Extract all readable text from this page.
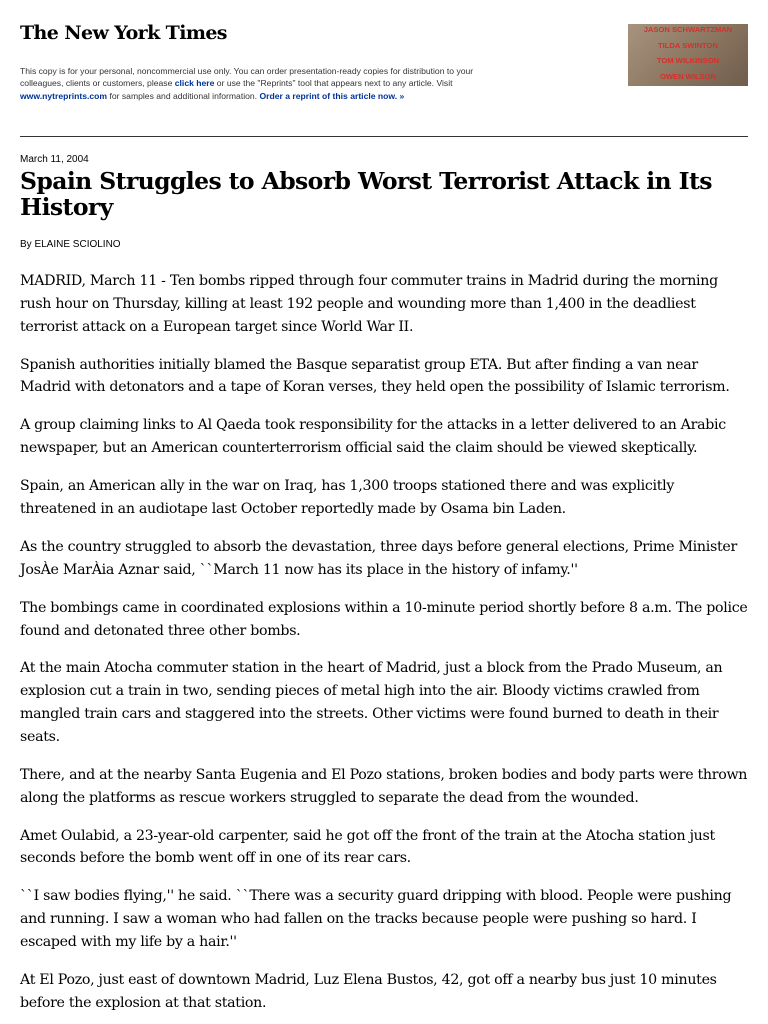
The New York Times
This copy is for your personal, noncommercial use only. You can order presentation-ready copies for distribution to your colleagues, clients or customers, please click here or use the "Reprints" tool that appears next to any article. Visit www.nytreprints.com for samples and additional information. Order a reprint of this article now. »
JASON SCHWARTZMAN

TILDA SWINTON

TOM WILKINSON

OWEN WILSON
March 11, 2004
Spain Struggles to Absorb Worst Terrorist Attack in Its History
By ELAINE SCIOLINO

MADRID, March 11 - Ten bombs ripped through four commuter trains in Madrid during the morning rush hour on Thursday, killing at least 192 people and wounding more than 1,400 in the deadliest terrorist attack on a European target since World War II.

Spanish authorities initially blamed the Basque separatist group ETA. But after finding a van near Madrid with detonators and a tape of Koran verses, they held open the possibility of Islamic terrorism.

A group claiming links to Al Qaeda took responsibility for the attacks in a letter delivered to an Arabic newspaper, but an American counterterrorism official said the claim should be viewed skeptically.

Spain, an American ally in the war on Iraq, has 1,300 troops stationed there and was explicitly threatened in an audiotape last October reportedly made by Osama bin Laden.

As the country struggled to absorb the devastation, three days before general elections, Prime Minister JosÀe MarÀia Aznar said, ``March 11 now has its place in the history of infamy.''

The bombings came in coordinated explosions within a 10-minute period shortly before 8 a.m. The police found and detonated three other bombs.

At the main Atocha commuter station in the heart of Madrid, just a block from the Prado Museum, an explosion cut a train in two, sending pieces of metal high into the air. Bloody victims crawled from mangled train cars and staggered into the streets. Other victims were found burned to death in their seats.

There, and at the nearby Santa Eugenia and El Pozo stations, broken bodies and body parts were thrown along the platforms as rescue workers struggled to separate the dead from the wounded.

Amet Oulabid, a 23-year-old carpenter, said he got off the front of the train at the Atocha station just seconds before the bomb went off in one of its rear cars.

``I saw bodies flying,'' he said. ``There was a security guard dripping with blood. People were pushing and running. I saw a woman who had fallen on the tracks because people were pushing so hard. I escaped with my life by a hair.''

At El Pozo, just east of downtown Madrid, Luz Elena Bustos, 42, got off a nearby bus just 10 minutes before the explosion at that station.
